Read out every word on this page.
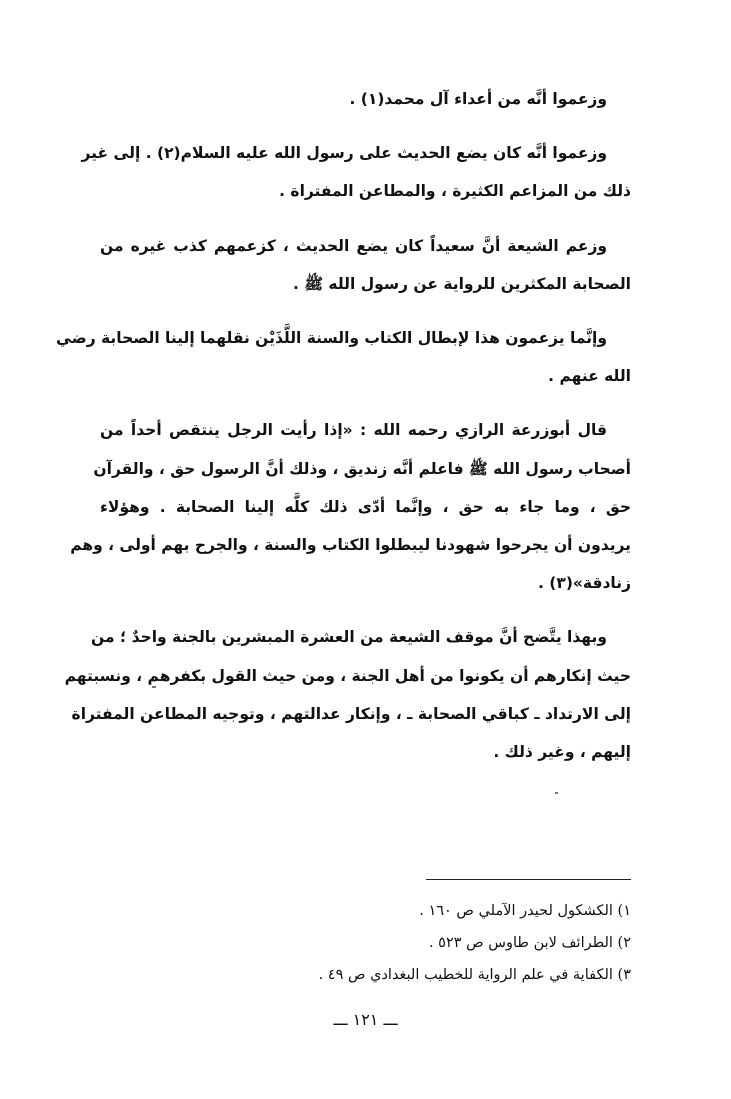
وزعموا أنَّه من أعداء آل محمد(١) .

وزعموا أنَّه كان يضع الحديث على رسول الله عليه السلام(٢) . إلى غير
ذلك من المزاعم الكثيرة ، والمطاعن المفتراة .

وزعم الشيعة أنَّ سعيداً كان يضع الحديث ، كزعمهم كذب غيره من
الصحابة المكثرين للرواية عن رسول الله ﷺ .

وإنَّما يزعمون هذا لإبطال الكتاب والسنة اللَّذَيْن نقلهما إلينا الصحابة رضي
الله عنهم .

قال أبوزرعة الرازي رحمه الله : «إذا رأيت الرجل ينتقص أحداً من
أصحاب رسول الله ﷺ فاعلم أنَّه زنديق ، وذلك أنَّ الرسول حق ، والقرآن
حق ، وما جاء به حق ، وإنَّما أدّى ذلك كلَّه إلينا الصحابة . وهؤلاء
يريدون أن يجرحوا شهودنا ليبطلوا الكتاب والسنة ، والجرح بهم أولى ، وهم
زنادقة»(٣) .

وبهذا يتَّضح أنَّ موقف الشيعة من العشرة المبشرين بالجنة واحدٌ ؛ من
حيث إنكارهم أن يكونوا من أهل الجنة ، ومن حيث القول بكفرهم ، ونسبتهم
إلى الارتداد ـ كباقي الصحابة ـ ، وإنكار عدالتهم ، وتوجيه المطاعن المفتراة
إليهم ، وغير ذلك .

١) الكشكول لحيدر الآملي ص ١٦٠ .
٢) الطرائف لابن طاوس ص ٥٢٣ .
٣) الكفاية في علم الرواية للخطيب البغدادي ص ٤٩ .
ـــ ١٢١ ـــ
